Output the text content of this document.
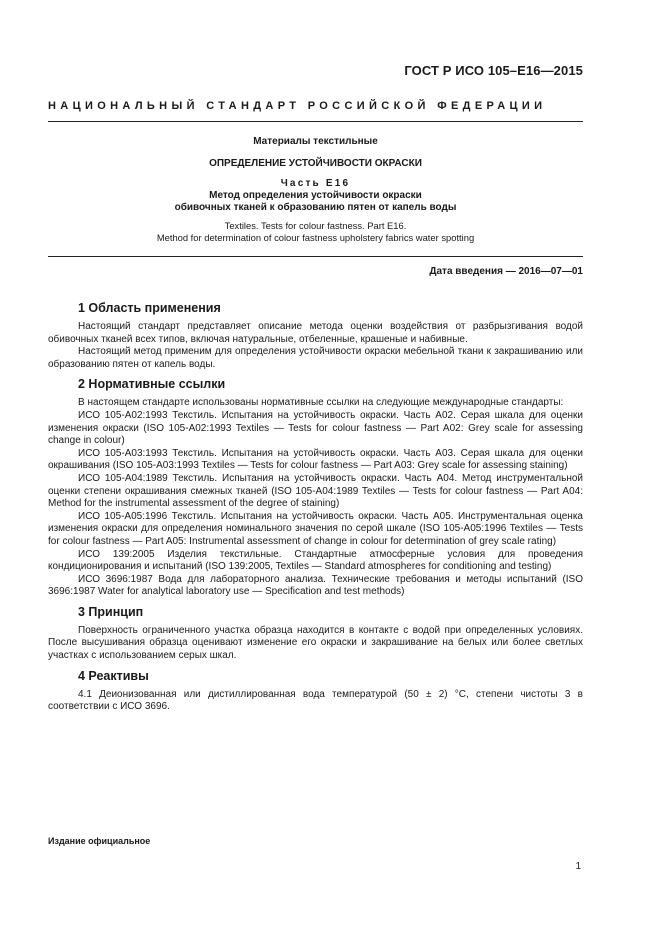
ГОСТ Р ИСО 105–Е16—2015
НАЦИОНАЛЬНЫЙ СТАНДАРТ РОССИЙСКОЙ ФЕДЕРАЦИИ
Материалы текстильные
ОПРЕДЕЛЕНИЕ УСТОЙЧИВОСТИ ОКРАСКИ
Часть Е16
Метод определения устойчивости окраски
обивочных тканей к образованию пятен от капель воды
Textiles. Tests for colour fastness. Part E16.
Method for determination of colour fastness upholstery fabrics water spotting
Дата введения — 2016—07—01
1 Область применения

Настоящий стандарт представляет описание метода оценки воздействия от разбрызгивания водой обивочных тканей всех типов, включая натуральные, отбеленные, крашеные и набивные.

Настоящий метод применим для определения устойчивости окраски мебельной ткани к закрашиванию или образованию пятен от капель воды.

2 Нормативные ссылки

В настоящем стандарте использованы нормативные ссылки на следующие международные стандарты:

ИСО 105-А02:1993 Текстиль. Испытания на устойчивость окраски. Часть А02. Серая шкала для оценки изменения окраски (ISO 105-A02:1993 Textiles — Tests for colour fastness — Part A02: Grey scale for assessing change in colour)

ИСО 105-А03:1993 Текстиль. Испытания на устойчивость окраски. Часть А03. Серая шкала для оценки окрашивания (ISO 105-A03:1993 Textiles — Tests for colour fastness — Part A03: Grey scale for assessing staining)

ИСО 105-А04:1989 Текстиль. Испытания на устойчивость окраски. Часть А04. Метод инструментальной оценки степени окрашивания смежных тканей (ISO 105-A04:1989 Textiles — Tests for colour fastness — Part A04: Method for the instrumental assessment of the degree of staining)

ИСО 105-А05:1996 Текстиль. Испытания на устойчивость окраски. Часть А05. Инструментальная оценка изменения окраски для определения номинального значения по серой шкале (ISO 105-A05:1996 Textiles — Tests for colour fastness — Part A05: Instrumental assessment of change in colour for determination of grey scale rating)

ИСО 139:2005 Изделия текстильные. Стандартные атмосферные условия для проведения кондиционирования и испытаний (ISO 139:2005, Textiles — Standard atmospheres for conditioning and testing)

ИСО 3696:1987 Вода для лабораторного анализа. Технические требования и методы испытаний (ISO 3696:1987 Water for analytical laboratory use — Specification and test methods)

3 Принцип

Поверхность ограниченного участка образца находится в контакте с водой при определенных условиях. После высушивания образца оценивают изменение его окраски и закрашивание на белых или более светлых участках с использованием серых шкал.

4 Реактивы

4.1 Деионизованная или дистиллированная вода температурой (50 ± 2) °С, степени чистоты 3 в соответствии с ИСО 3696.

Издание официальное
1
